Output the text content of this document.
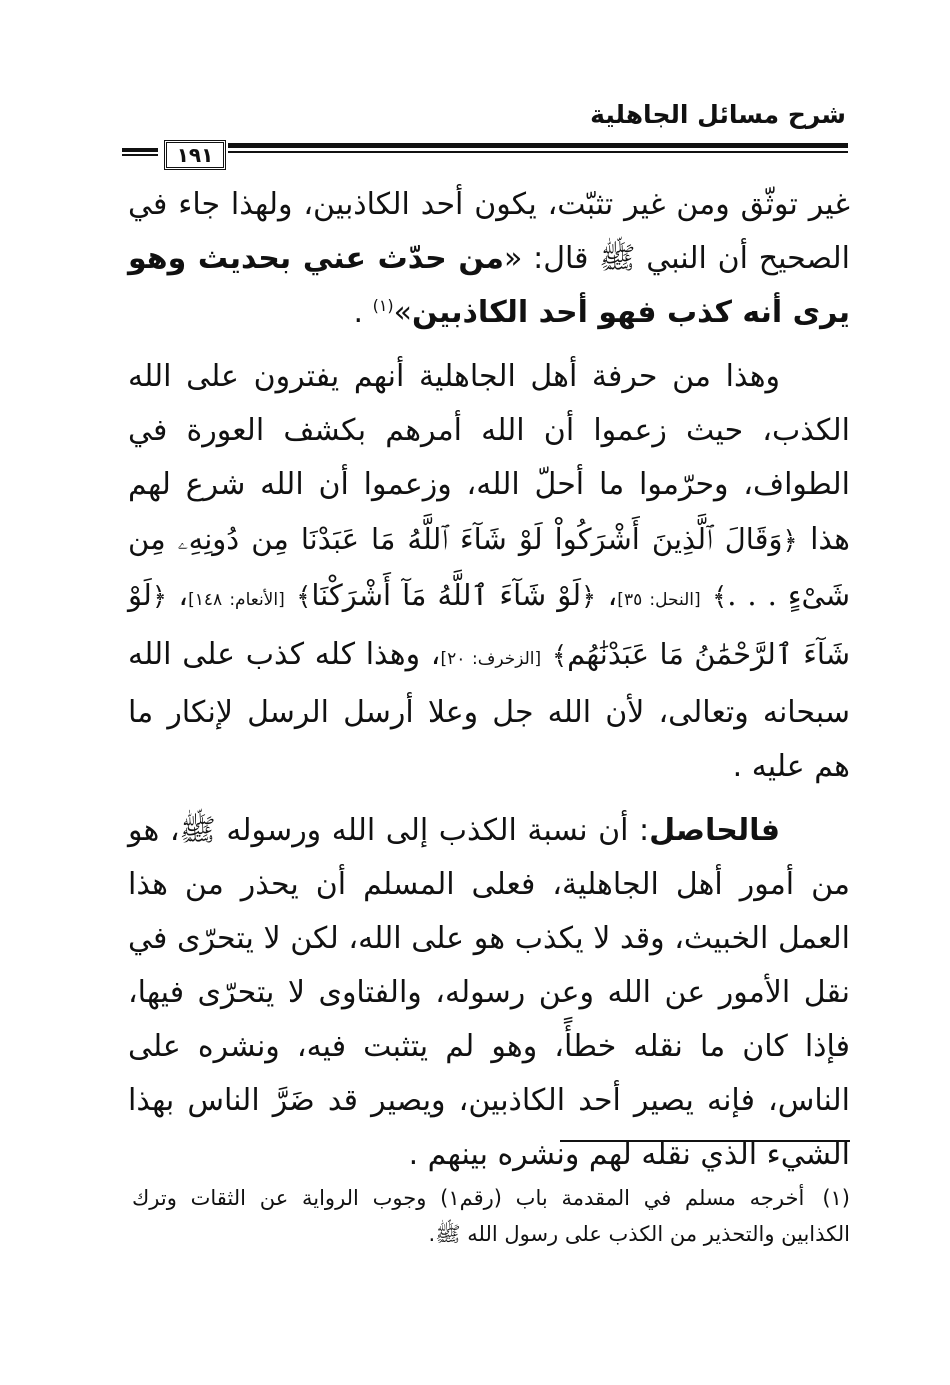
شرح مسائل الجاهلية
١٩١

غير توثّق ومن غير تثبّت، يكون أحد الكاذبين، ولهذا جاء في الصحيح أن النبي ﷺ قال: «من حدّث عني بحديث وهو يرى أنه كذب فهو أحد الكاذبين»$^{(١)}$ .

وهذا من حرفة أهل الجاهلية أنهم يفترون على الله الكذب، حيث زعموا أن الله أمرهم بكشف العورة في الطواف، وحرّموا ما أحلّ الله، وزعموا أن الله شرع لهم هذا ﴿وَقَالَ ٱلَّذِينَ أَشْرَكُواْ لَوْ شَآءَ ٱللَّهُ مَا عَبَدْنَا مِن دُونِهِۦ مِن شَىْءٍ . . .﴾ [النحل: ٣٥]، ﴿لَوْ شَآءَ ٱللَّهُ مَآ أَشْرَكْنَا﴾ [الأنعام: ١٤٨]، ﴿لَوْ شَآءَ ٱلرَّحْمَٰنُ مَا عَبَدْنَٰهُم﴾ [الزخرف: ٢٠]، وهذا كله كذب على الله سبحانه وتعالى، لأن الله جل وعلا أرسل الرسل لإنكار ما هم عليه .

فالحاصل: أن نسبة الكذب إلى الله ورسوله ﷺ، هو من أمور أهل الجاهلية، فعلى المسلم أن يحذر من هذا العمل الخبيث، وقد لا يكذب هو على الله، لكن لا يتحرّى في نقل الأمور عن الله وعن رسوله، والفتاوى لا يتحرّى فيها، فإذا كان ما نقله خطأً، وهو لم يتثبت فيه، ونشره على الناس، فإنه يصير أحد الكاذبين، ويصير قد ضَرَّ الناس بهذا الشيء الذي نقله لهم ونشره بينهم .

(١)أخرجه مسلم في المقدمة باب (رقم١) وجوب الرواية عن الثقات وترك الكذابين والتحذير من الكذب على رسول الله ﷺ.
